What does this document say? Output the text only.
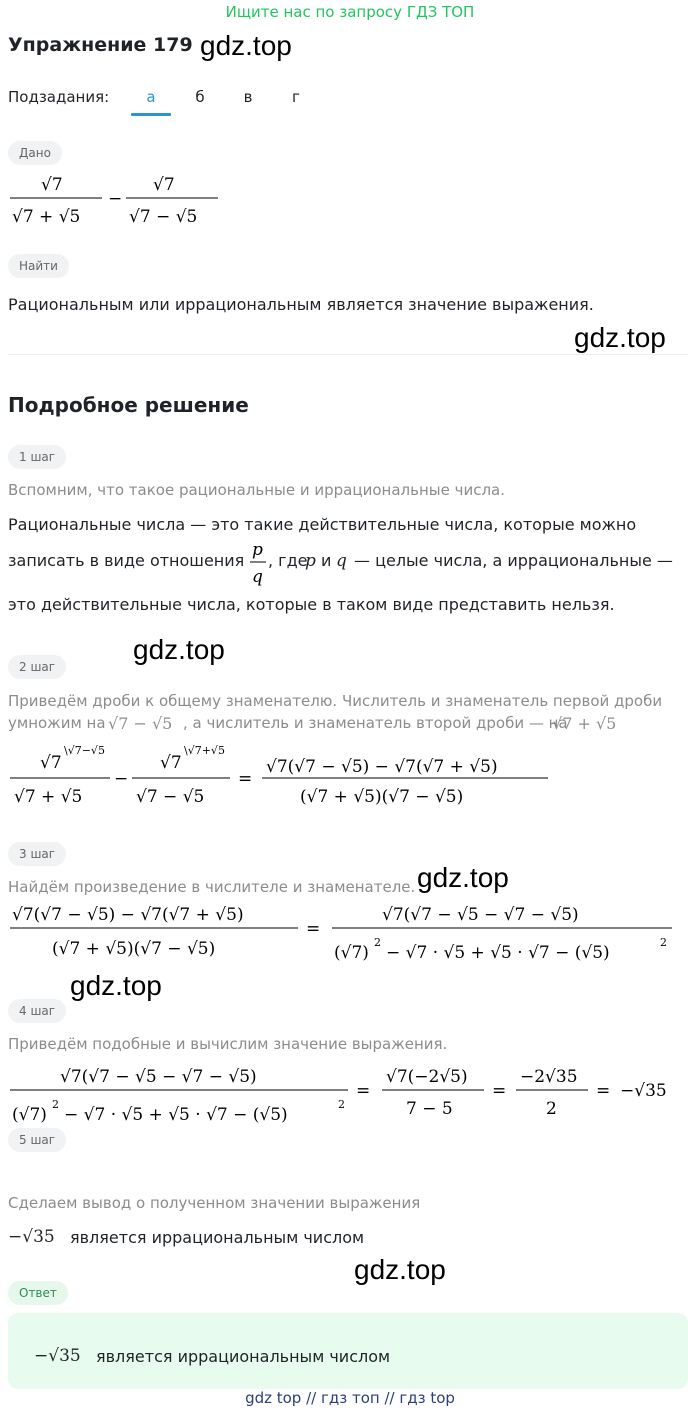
Ищите нас по запросу ГДЗ ТОП
Упражнение 179 gdz.top
Подзадания:	а	б	в	г
Дано
√7
√7 + √5
−
√7
√7 − √5
Найти
Рациональным или иррациональным является значение выражения.
gdz.top
Подробное решение
1 шаг
Вспомним, что такое рациональные и иррациональные числа.
Рациональные числа — это такие действительные числа, которые можно
записать в виде отношения
p
q
, где
p и q — целые числа, а иррациональные —
это действительные числа, которые в таком виде представить нельзя.
gdz.top
2 шаг
Приведём дроби к общему знаменателю. Числитель и знаменатель первой дроби
умножим на √7 − √5 , а числитель и знаменатель второй дроби — на
√7 + √5
√7
\√7−√5
√7 + √5
−
√7
\√7+√5
√7 − √5
=
√7(√7 − √5) − √7(√7 + √5)
(√7 + √5)(√7 − √5)
3 шаг
Найдём произведение в числителе и знаменателе. gdz.top
√7(√7 − √5) − √7(√7 + √5)
(√7 + √5)(√7 − √5)
=
√7(√7 − √5 − √7 − √5)
(√7)
2
− √7 · √5 + √5 · √7 − (√5)
2
gdz.top
4 шаг
Приведём подобные и вычислим значение выражения.
√7(√7 − √5 − √7 − √5)
(√7)
2
− √7 · √5 + √5 · √7 − (√5)
2
=
√7(−2√5)
7 − 5
=
−2√35
2
= −√35
5 шаг
Сделаем вывод о полученном значении выражения
−√35 является иррациональным числом
gdz.top
Ответ
−√35 является иррациональным числом
gdz top // гдз топ // гдз top
